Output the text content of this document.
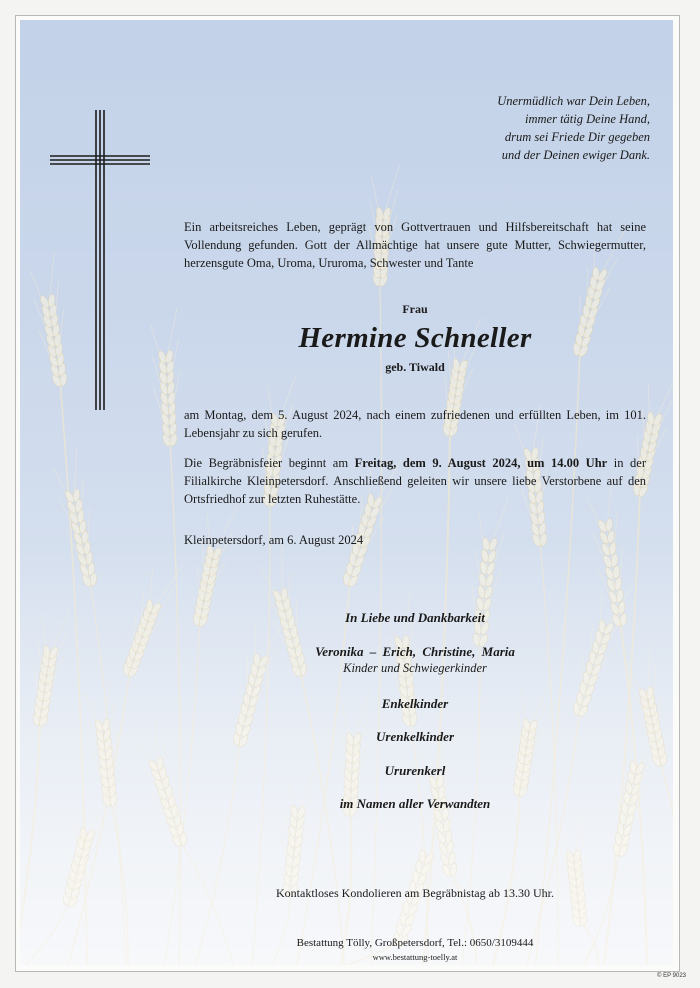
Unermüdlich war Dein Leben,
immer tätig Deine Hand,
drum sei Friede Dir gegeben
und der Deinen ewiger Dank.
Ein arbeitsreiches Leben, geprägt von Gottvertrauen und Hilfsbereitschaft hat seine Vollendung gefunden. Gott der Allmächtige hat unsere gute Mutter, Schwiegermutter, herzensgute Oma, Uroma, Ururoma, Schwester und Tante
Frau
Hermine Schneller
geb. Tiwald
am Montag, dem 5. August 2024, nach einem zufriedenen und erfüllten Leben, im 101. Lebensjahr zu sich gerufen.
Die Begräbnisfeier beginnt am Freitag, dem 9. August 2024, um 14.00 Uhr in der Filialkirche Kleinpetersdorf. Anschließend geleiten wir unsere liebe Verstorbene auf den Ortsfriedhof zur letzten Ruhestätte.
Kleinpetersdorf, am 6. August 2024
In Liebe und Dankbarkeit
Veronika – Erich, Christine, Maria
Kinder und Schwiegerkinder
Enkelkinder
Urenkelkinder
Ururenkerl
im Namen aller Verwandten
Kontaktloses Kondolieren am Begräbnistag ab 13.30 Uhr.
Bestattung Tölly, Großpetersdorf, Tel.: 0650/3109444
www.bestattung-toelly.at
© EP 9023
